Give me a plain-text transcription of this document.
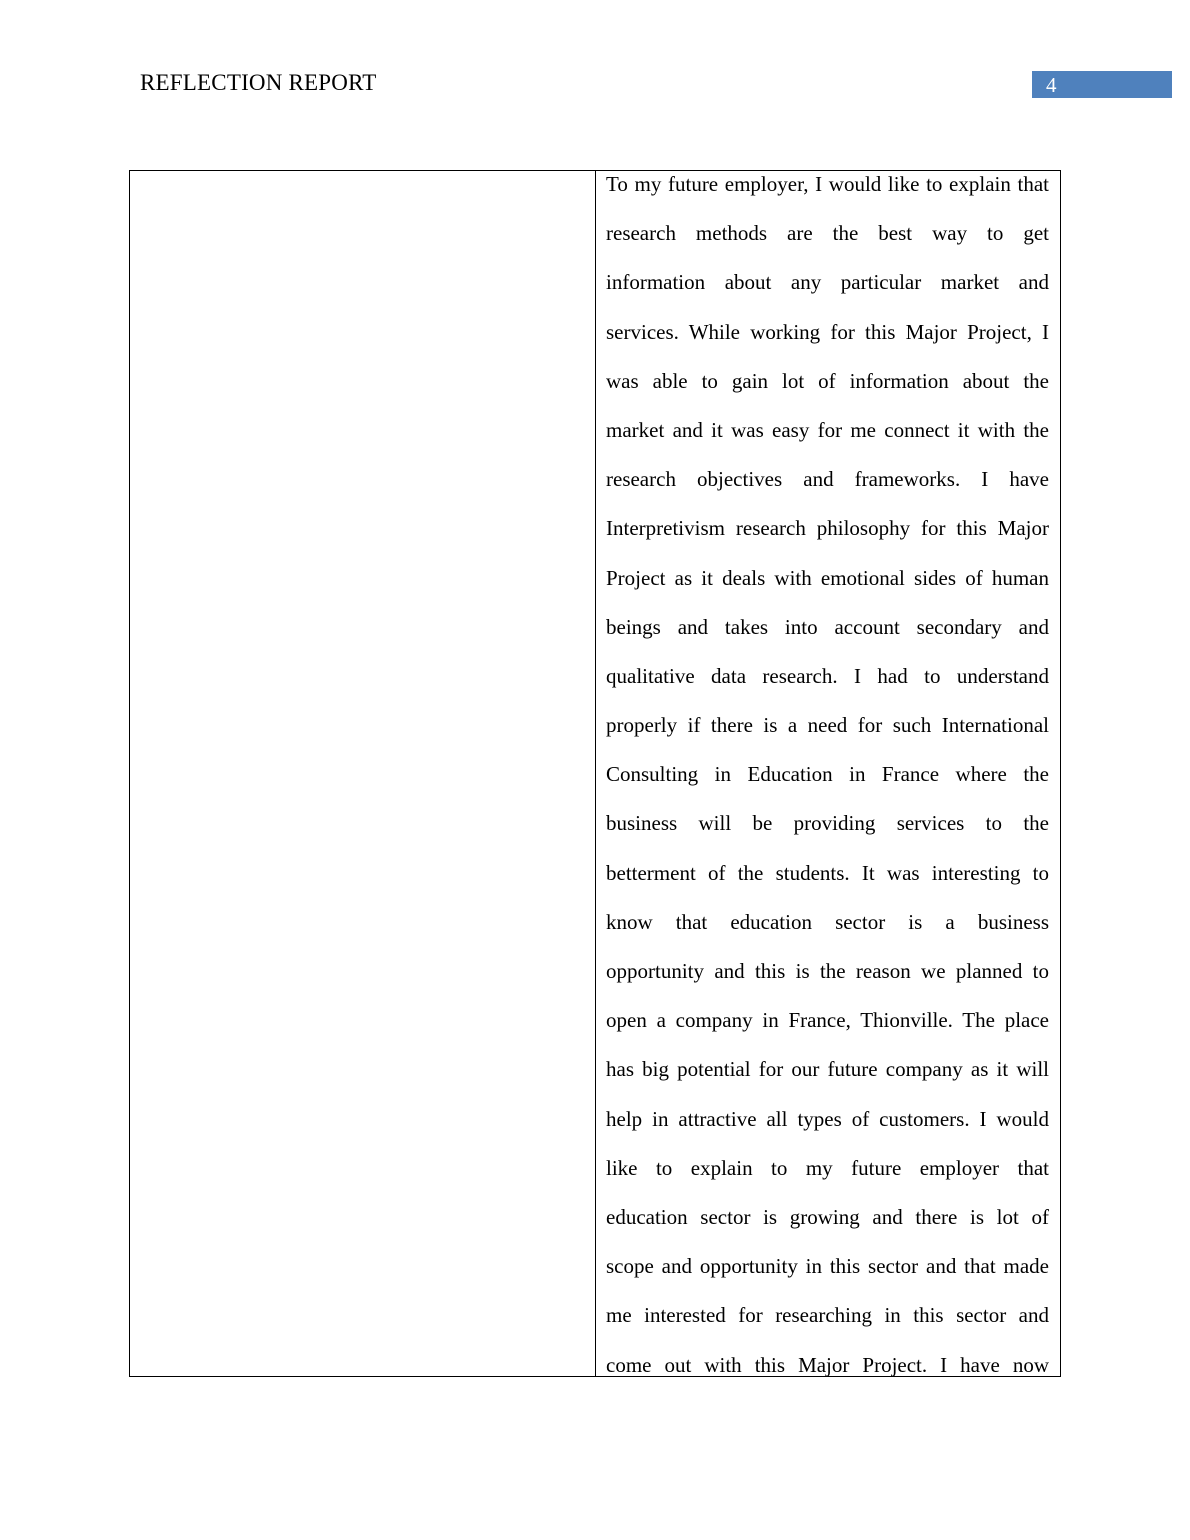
REFLECTION REPORT	4
To my future employer, I would like to explain that
research methods are the best way to get
information about any particular market and
services. While working for this Major Project, I
was able to gain lot of information about the
market and it was easy for me connect it with the
research objectives and frameworks. I have
Interpretivism research philosophy for this Major
Project as it deals with emotional sides of human
beings and takes into account secondary and
qualitative data research. I had to understand
properly if there is a need for such International
Consulting in Education in France where the
business will be providing services to the
betterment of the students. It was interesting to
know that education sector is a business
opportunity and this is the reason we planned to
open a company in France, Thionville. The place
has big potential for our future company as it will
help in attractive all types of customers. I would
like to explain to my future employer that
education sector is growing and there is lot of
scope and opportunity in this sector and that made
me interested for researching in this sector and
come out with this Major Project. I have now
